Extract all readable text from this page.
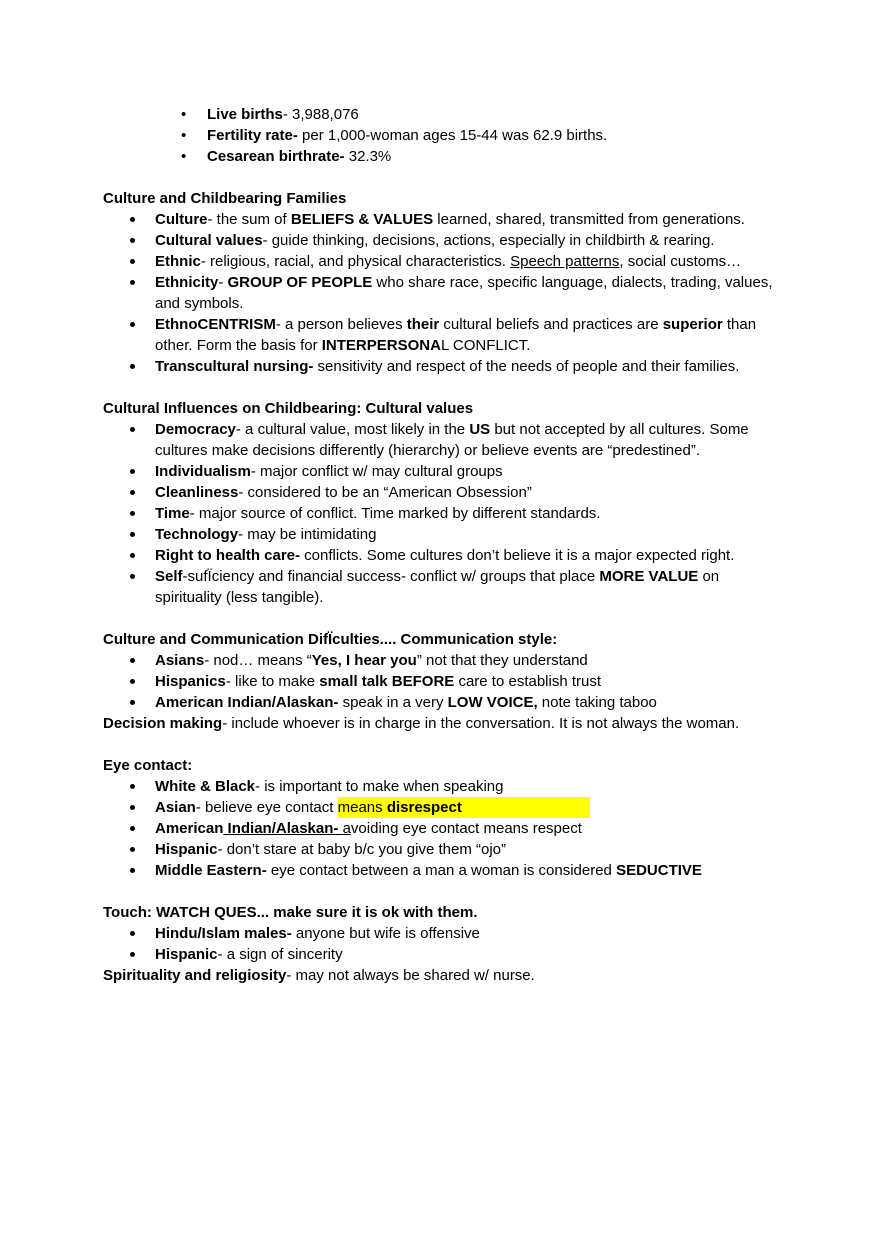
• Live births- 3,988,076
• Fertility rate- per 1,000-woman ages 15-44 was 62.9 births.
• Cesarean birthrate- 32.3%
Culture and Childbearing Families
Culture- the sum of BELIEFS & VALUES learned, shared, transmitted from generations.
Cultural values- guide thinking, decisions, actions, especially in childbirth & rearing.
Ethnic- religious, racial, and physical characteristics. Speech patterns, social customs…
Ethnicity- GROUP OF PEOPLE who share race, specific language, dialects, trading, values, and symbols.
EthnoCENTRISM- a person believes their cultural beliefs and practices are superior than other. Form the basis for INTERPERSONAL CONFLICT.
Transcultural nursing- sensitivity and respect of the needs of people and their families.
Cultural Influences on Childbearing: Cultural values
Democracy- a cultural value, most likely in the US but not accepted by all cultures. Some cultures make decisions differently (hierarchy) or believe events are “predestined”.
Individualism- major conflict w/ may cultural groups
Cleanliness- considered to be an “American Obsession”
Time- major source of conflict. Time marked by different standards.
Technology- may be intimidating
Right to health care- conflicts. Some cultures don’t believe it is a major expected right.
Self-sufÏciency and financial success- conflict w/ groups that place MORE VALUE on spirituality (less tangible).
Culture and Communication DifÏculties.... Communication style:
Asians- nod… means “Yes, I hear you” not that they understand
Hispanics- like to make small talk BEFORE care to establish trust
American Indian/Alaskan- speak in a very LOW VOICE, note taking taboo
Decision making- include whoever is in charge in the conversation. It is not always the woman.
Eye contact:
White & Black- is important to make when speaking
Asian- believe eye contact means disrespect
American Indian/Alaskan- avoiding eye contact means respect
Hispanic- don’t stare at baby b/c you give them “ojo”
Middle Eastern- eye contact between a man a woman is considered SEDUCTIVE
Touch: WATCH QUES... make sure it is ok with them.
Hindu/Islam males- anyone but wife is offensive
Hispanic- a sign of sincerity
Spirituality and religiosity- may not always be shared w/ nurse.
